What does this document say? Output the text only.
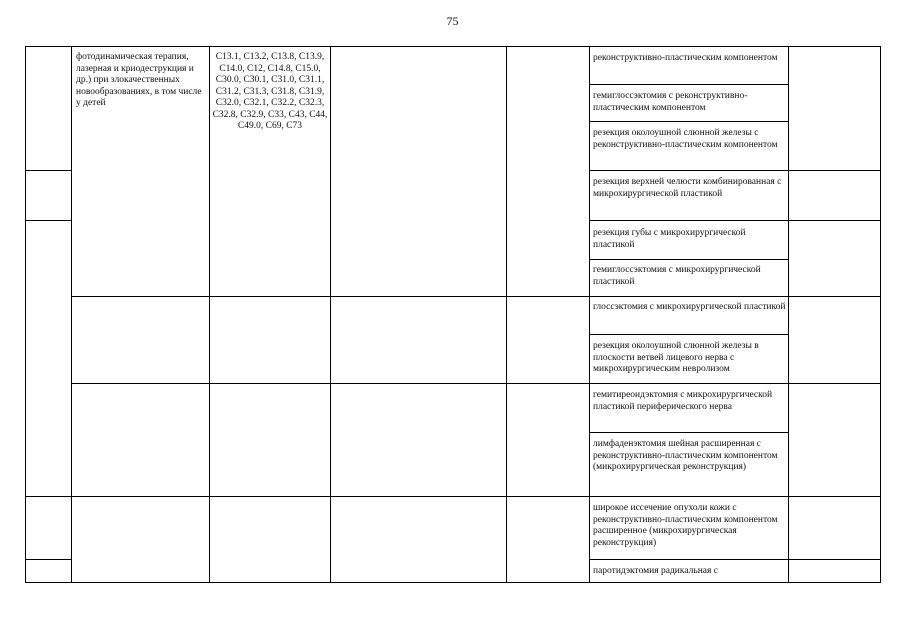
75
фотодинамическая терапия, лазерная и криодеструкция и др.) при злокачественных новообразованиях, в том числе у детей
C13.1, C13.2, C13.8, C13.9, C14.0, C12, C14.8, C15.0, C30.0, C30.1, C31.0, C31.1, C31.2, C31.3, C31.8, C31.9, C32.0, C32.1, C32.2, C32.3, C32.8, C32.9, C33, C43, C44, C49.0, C69, C73
реконструктивно-пластическим компонентом
гемиглоссэктомия с реконструктивно-пластическим компонентом
резекция околоушной слюнной железы с реконструктивно-пластическим компонентом
резекция верхней челюсти комбинированная с микрохирургической пластикой
резекция губы с микрохирургической пластикой
гемиглоссэктомия с микрохирургической пластикой
глоссэктомия с микрохирургической пластикой
резекция околоушной слюнной железы в плоскости ветвей лицевого нерва с микрохирургическим невролизом
гемитиреоидэктомия с микрохирургической пластикой периферического нерва
лимфаденэктомия шейная расширенная с реконструктивно-пластическим компонентом (микрохирургическая реконструкция)
широкое иссечение опухоли кожи с реконструктивно-пластическим компонентом расширенное (микрохирургическая реконструкция)
паротидэктомия радикальная с
